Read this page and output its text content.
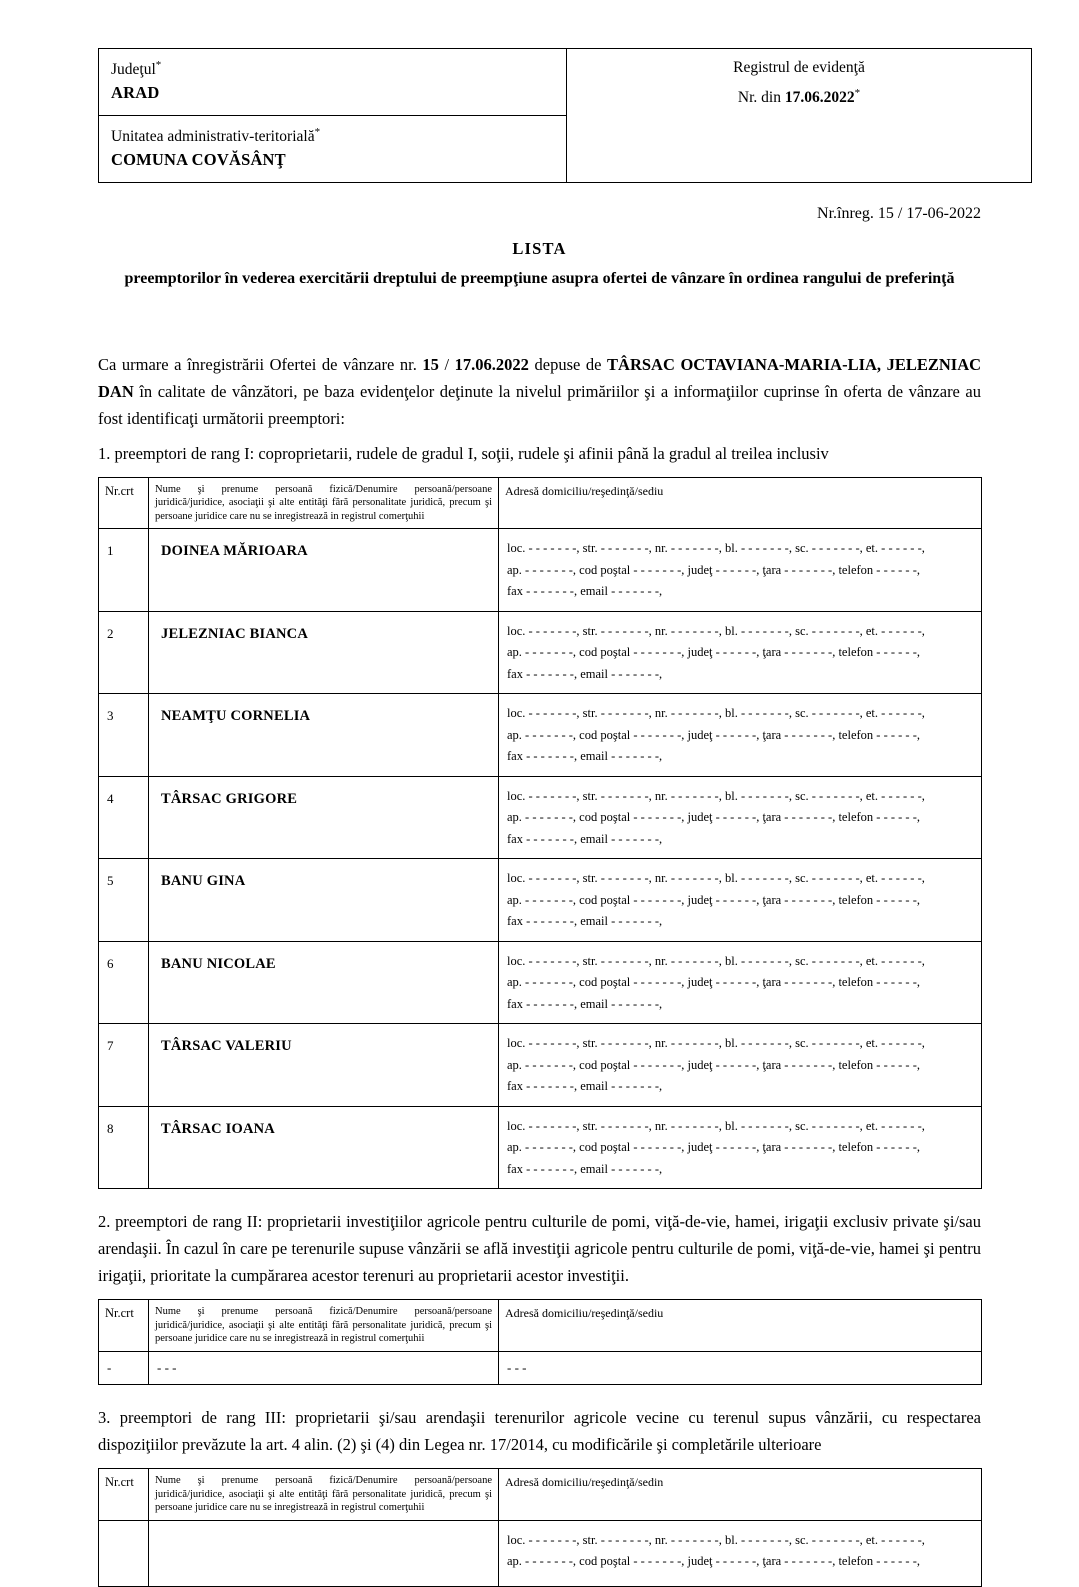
Judeţul*
ARAD

Registrul de evidenţă
Nr. din 17.06.2022*

Unitatea administrativ-teritorială*
COMUNA COVĂSÂNŢ
Nr.înreg. 15 / 17-06-2022
LISTA
preemptorilor în vederea exercitării dreptului de preempţiune asupra ofertei de vânzare în ordinea rangului de preferinţă
Ca urmare a înregistrării Ofertei de vânzare nr. 15 / 17.06.2022 depuse de TÂRSAC OCTAVIANA-MARIA-LIA, JELEZNIAC DAN în calitate de vânzători, pe baza evidenţelor deţinute la nivelul primăriilor şi a informaţiilor cuprinse în oferta de vânzare au fost identificaţi următorii preemptori:
1. preemptori de rang I: coproprietarii, rudele de gradul I, soţii, rudele şi afinii până la gradul al treilea inclusiv
Nr.crt	Nume şi prenume persoană fizică/Denumire persoană/persoane juridică/juridice, asociaţii şi alte entităţi fără personalitate juridică, precum şi persoane juridice care nu se inregistrează in registrul comerţuhii	Adresă domiciliu/reşedinţă/sediu
1	DOINEA MĂRIOARA	loc. - - - - - - -, str. - - - - - - -, nr. - - - - - - -, bl. - - - - - - -, sc. - - - - - - -, et. - - - - - -,
ap. - - - - - - -, cod poştal - - - - - - -, judeţ - - - - - -, ţara - - - - - - -, telefon - - - - - -,
fax - - - - - - -, email - - - - - - -,

2	JELEZNIAC BIANCA	loc. - - - - - - -, str. - - - - - - -, nr. - - - - - - -, bl. - - - - - - -, sc. - - - - - - -, et. - - - - - -,
ap. - - - - - - -, cod poştal - - - - - - -, judeţ - - - - - -, ţara - - - - - - -, telefon - - - - - -,
fax - - - - - - -, email - - - - - - -,

3	NEAMŢU CORNELIA	loc. - - - - - - -, str. - - - - - - -, nr. - - - - - - -, bl. - - - - - - -, sc. - - - - - - -, et. - - - - - -,
ap. - - - - - - -, cod poştal - - - - - - -, judeţ - - - - - -, ţara - - - - - - -, telefon - - - - - -,
fax - - - - - - -, email - - - - - - -,

4	TÂRSAC GRIGORE	loc. - - - - - - -, str. - - - - - - -, nr. - - - - - - -, bl. - - - - - - -, sc. - - - - - - -, et. - - - - - -,
ap. - - - - - - -, cod poştal - - - - - - -, judeţ - - - - - -, ţara - - - - - - -, telefon - - - - - -,
fax - - - - - - -, email - - - - - - -,

5	BANU GINA	loc. - - - - - - -, str. - - - - - - -, nr. - - - - - - -, bl. - - - - - - -, sc. - - - - - - -, et. - - - - - -,
ap. - - - - - - -, cod poştal - - - - - - -, judeţ - - - - - -, ţara - - - - - - -, telefon - - - - - -,
fax - - - - - - -, email - - - - - - -,

6	BANU NICOLAE	loc. - - - - - - -, str. - - - - - - -, nr. - - - - - - -, bl. - - - - - - -, sc. - - - - - - -, et. - - - - - -,
ap. - - - - - - -, cod poştal - - - - - - -, judeţ - - - - - -, ţara - - - - - - -, telefon - - - - - -,
fax - - - - - - -, email - - - - - - -,

7	TÂRSAC VALERIU	loc. - - - - - - -, str. - - - - - - -, nr. - - - - - - -, bl. - - - - - - -, sc. - - - - - - -, et. - - - - - -,
ap. - - - - - - -, cod poştal - - - - - - -, judeţ - - - - - -, ţara - - - - - - -, telefon - - - - - -,
fax - - - - - - -, email - - - - - - -,

8	TÂRSAC IOANA	loc. - - - - - - -, str. - - - - - - -, nr. - - - - - - -, bl. - - - - - - -, sc. - - - - - - -, et. - - - - - -,
ap. - - - - - - -, cod poştal - - - - - - -, judeţ - - - - - -, ţara - - - - - - -, telefon - - - - - -,
fax - - - - - - -, email - - - - - - -,
2. preemptori de rang II: proprietarii investiţiilor agricole pentru culturile de pomi, viţă-de-vie, hamei, irigaţii exclusiv private şi/sau arendaşii. În cazul în care pe terenurile supuse vânzării se află investiţii agricole pentru culturile de pomi, viţă-de-vie, hamei şi pentru irigaţii, prioritate la cumpărarea acestor terenuri au proprietarii acestor investiţii.
Nr.crt	Nume şi prenume persoană fizică/Denumire persoană/persoane juridică/juridice, asociaţii şi alte entităţi fără personalitate juridică, precum şi persoane juridice care nu se inregistrează in registrul comerţuhii	Adresă domiciliu/reşedinţă/sediu
-	- - -	- - -
3. preemptori de rang III: proprietarii şi/sau arendaşii terenurilor agricole vecine cu terenul supus vânzării, cu respectarea dispoziţiilor prevăzute la art. 4 alin. (2) şi (4) din Legea nr. 17/2014, cu modificările şi completările ulterioare
Nr.crt	Nume şi prenume persoană fizică/Denumire persoană/persoane juridică/juridice, asociaţii şi alte entităţi fără personalitate juridică, precum şi persoane juridice care nu se inregistrează in registrul comerţuhii	Adresă domiciliu/reşedinţă/sedin

		loc. - - - - - - -, str. - - - - - - -, nr. - - - - - - -, bl. - - - - - - -, sc. - - - - - - -, et. - - - - - -,
ap. - - - - - - -, cod poştal - - - - - - -, judeţ - - - - - -, ţara - - - - - - -, telefon - - - - - -,
